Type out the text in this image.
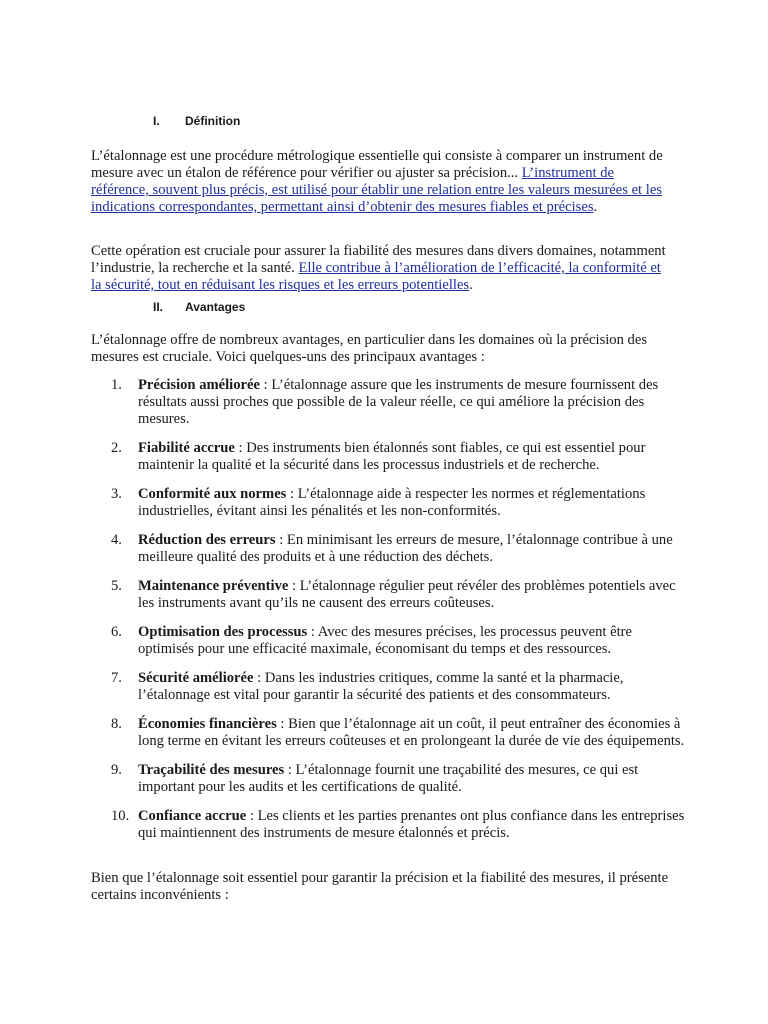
I. Définition

L’étalonnage est une procédure métrologique essentielle qui consiste à comparer un instrument de mesure avec un étalon de référence pour vérifier ou ajuster sa précision... L’instrument de référence, souvent plus précis, est utilisé pour établir une relation entre les valeurs mesurées et les indications correspondantes, permettant ainsi d’obtenir des mesures fiables et précises.

Cette opération est cruciale pour assurer la fiabilité des mesures dans divers domaines, notamment l’industrie, la recherche et la santé. Elle contribue à l’amélioration de l’efficacité, la conformité et la sécurité, tout en réduisant les risques et les erreurs potentielles.

II. Avantages

L’étalonnage offre de nombreux avantages, en particulier dans les domaines où la précision des mesures est cruciale. Voici quelques-uns des principaux avantages :

1. Précision améliorée : L’étalonnage assure que les instruments de mesure fournissent des résultats aussi proches que possible de la valeur réelle, ce qui améliore la précision des mesures.
2. Fiabilité accrue : Des instruments bien étalonnés sont fiables, ce qui est essentiel pour maintenir la qualité et la sécurité dans les processus industriels et de recherche.
3. Conformité aux normes : L’étalonnage aide à respecter les normes et réglementations industrielles, évitant ainsi les pénalités et les non-conformités.
4. Réduction des erreurs : En minimisant les erreurs de mesure, l’étalonnage contribue à une meilleure qualité des produits et à une réduction des déchets.
5. Maintenance préventive : L’étalonnage régulier peut révéler des problèmes potentiels avec les instruments avant qu’ils ne causent des erreurs coûteuses.
6. Optimisation des processus : Avec des mesures précises, les processus peuvent être optimisés pour une efficacité maximale, économisant du temps et des ressources.
7. Sécurité améliorée : Dans les industries critiques, comme la santé et la pharmacie, l’étalonnage est vital pour garantir la sécurité des patients et des consommateurs.
8. Économies financières : Bien que l’étalonnage ait un coût, il peut entraîner des économies à long terme en évitant les erreurs coûteuses et en prolongeant la durée de vie des équipements.
9. Traçabilité des mesures : L’étalonnage fournit une traçabilité des mesures, ce qui est important pour les audits et les certifications de qualité.
10. Confiance accrue : Les clients et les parties prenantes ont plus confiance dans les entreprises qui maintiennent des instruments de mesure étalonnés et précis.

Bien que l’étalonnage soit essentiel pour garantir la précision et la fiabilité des mesures, il présente certains inconvénients :
